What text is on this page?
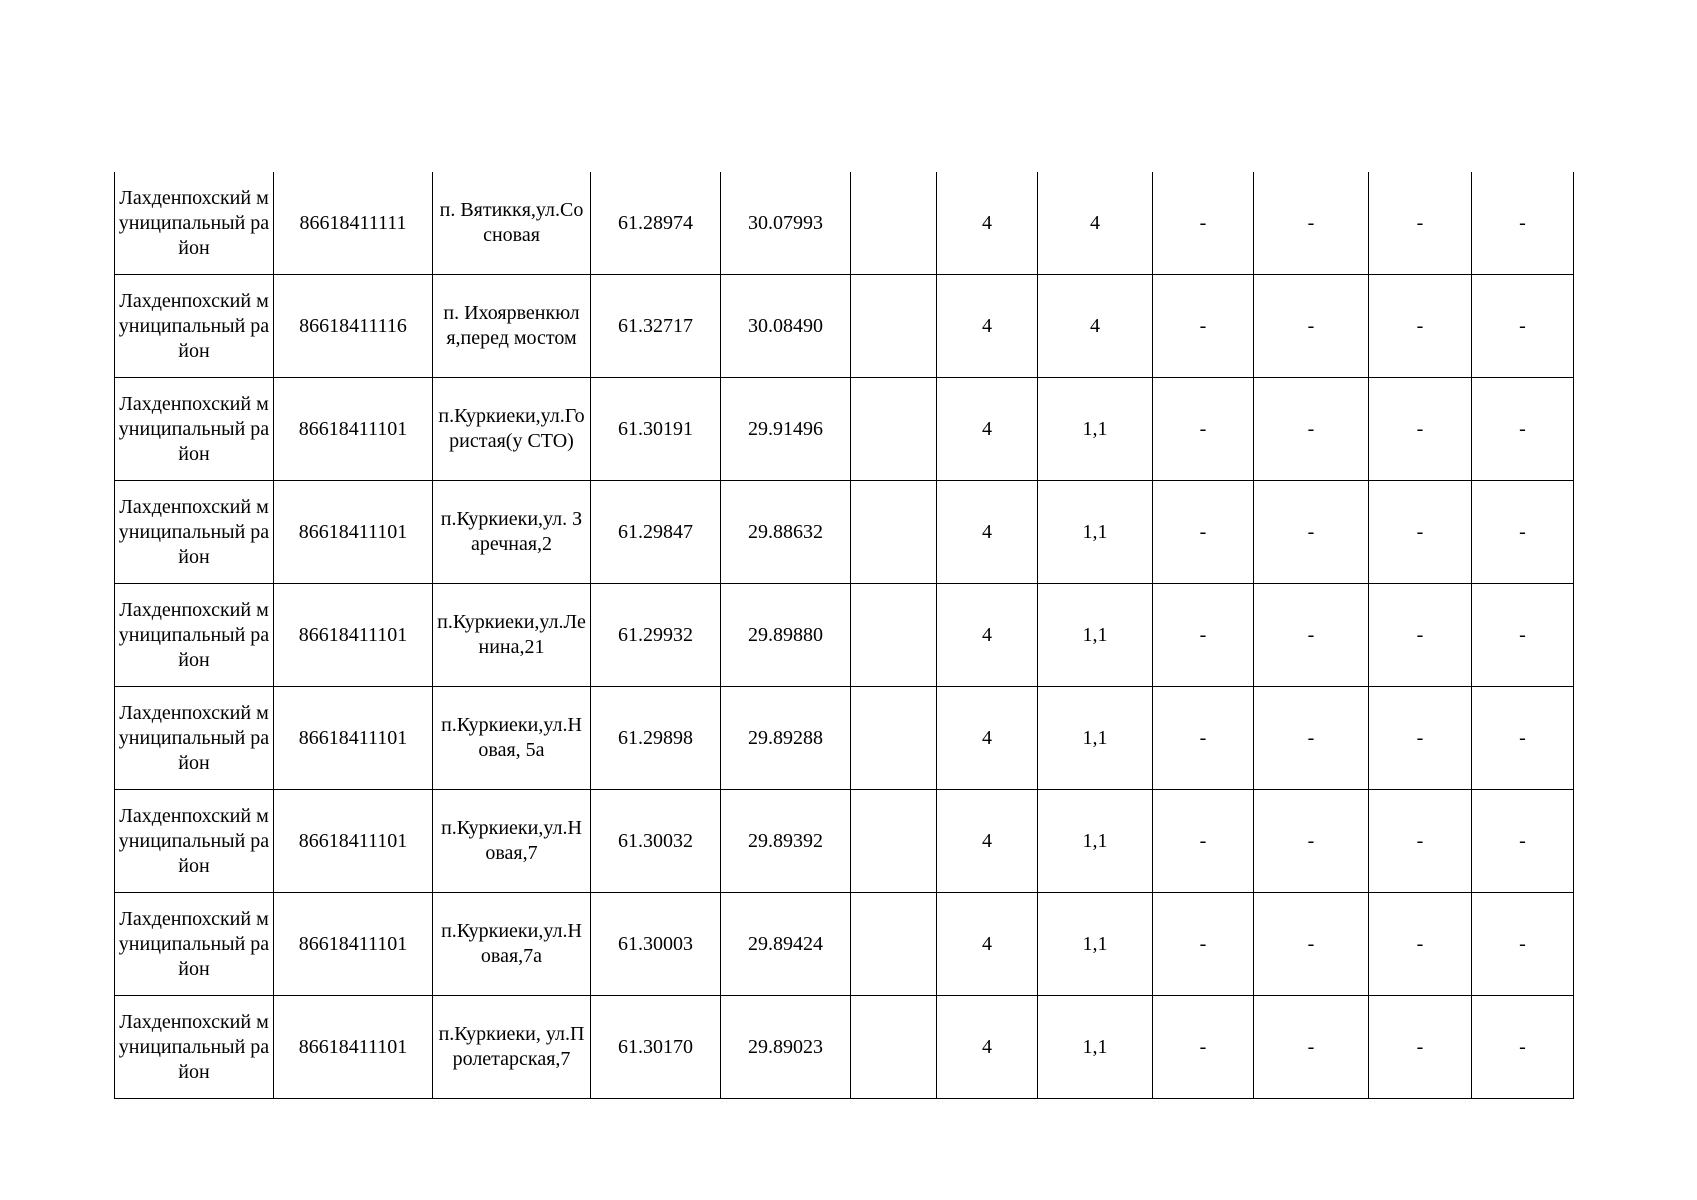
Лахденпохский муниципальный район	86618411111	п. Вятиккя,ул.Сосновая	61.28974	30.07993		4	4	-	-	-	-

Лахденпохский муниципальный район	86618411116	п. Ихоярвенкюля,перед мостом	61.32717	30.08490		4	4	-	-	-	-

Лахденпохский муниципальный район	86618411101	п.Куркиеки,ул.Гористая(у СТО)	61.30191	29.91496		4	1,1	-	-	-	-

Лахденпохский муниципальный район	86618411101	п.Куркиеки,ул. Заречная,2	61.29847	29.88632		4	1,1	-	-	-	-

Лахденпохский муниципальный район	86618411101	п.Куркиеки,ул.Ленина,21	61.29932	29.89880		4	1,1	-	-	-	-

Лахденпохский муниципальный район	86618411101	п.Куркиеки,ул.Новая, 5а	61.29898	29.89288		4	1,1	-	-	-	-

Лахденпохский муниципальный район	86618411101	п.Куркиеки,ул.Новая,7	61.30032	29.89392		4	1,1	-	-	-	-

Лахденпохский муниципальный район	86618411101	п.Куркиеки,ул.Новая,7а	61.30003	29.89424		4	1,1	-	-	-	-

Лахденпохский муниципальный район	86618411101	п.Куркиеки, ул.Пролетарская,7	61.30170	29.89023		4	1,1	-	-	-	-
